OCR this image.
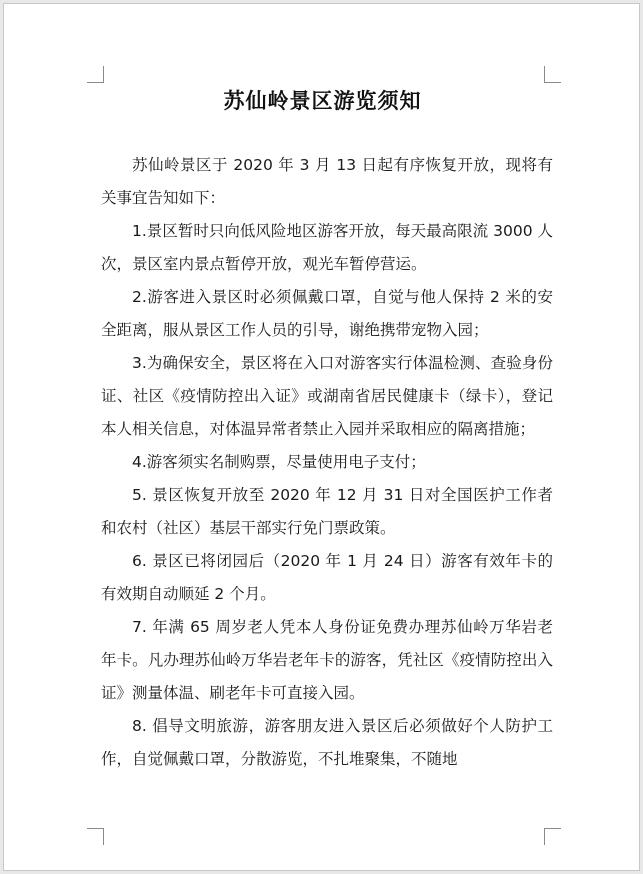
苏仙岭景区游览须知

苏仙岭景区于 2020 年 3 月 13 日起有序恢复开放，现将有关事宜告知如下：

1.景区暂时只向低风险地区游客开放，每天最高限流 3000 人次，景区室内景点暂停开放，观光车暂停营运。

2.游客进入景区时必须佩戴口罩，自觉与他人保持 2 米的安全距离，服从景区工作人员的引导，谢绝携带宠物入园；

3.为确保安全，景区将在入口对游客实行体温检测、查验身份证、社区《疫情防控出入证》或湖南省居民健康卡（绿卡），登记本人相关信息，对体温异常者禁止入园并采取相应的隔离措施；

4.游客须实名制购票，尽量使用电子支付；

5. 景区恢复开放至 2020 年 12 月 31 日对全国医护工作者和农村（社区）基层干部实行免门票政策。

6. 景区已将闭园后（2020 年 1 月 24 日）游客有效年卡的有效期自动顺延 2 个月。

7. 年满 65 周岁老人凭本人身份证免费办理苏仙岭万华岩老年卡。凡办理苏仙岭万华岩老年卡的游客，凭社区《疫情防控出入证》测量体温、刷老年卡可直接入园。

8. 倡导文明旅游，游客朋友进入景区后必须做好个人防护工作，自觉佩戴口罩，分散游览，不扎堆聚集，不随地
